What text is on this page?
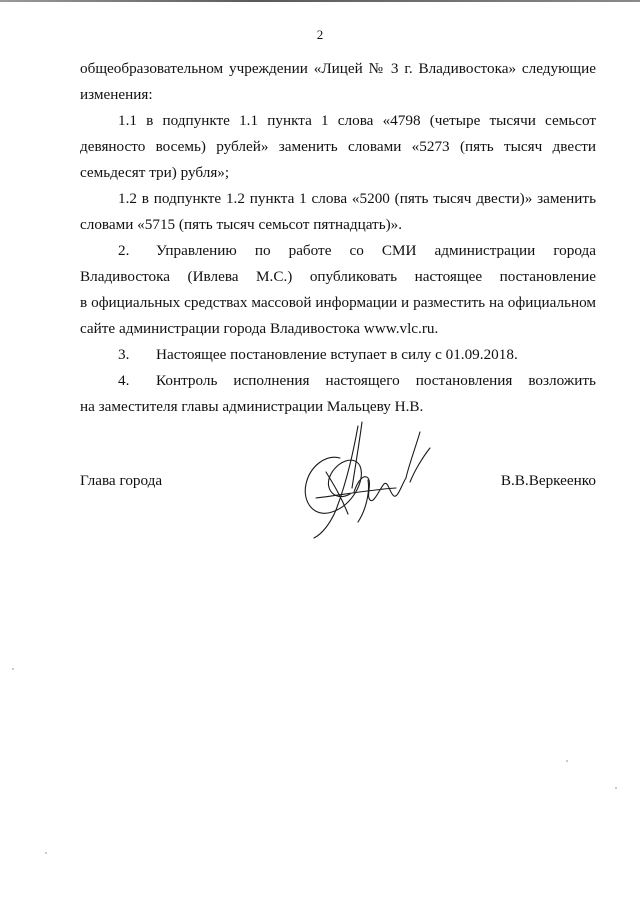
2
общеобразовательном учреждении «Лицей № 3 г. Владивостока» следующие
изменения:
1.1 в подпункте 1.1 пункта 1 слова «4798 (четыре тысячи семьсот
девяносто восемь) рублей» заменить словами «5273 (пять тысяч двести
семьдесят три) рубля»;
1.2 в подпункте 1.2 пункта 1 слова «5200 (пять тысяч двести)» заменить
словами «5715 (пять тысяч семьсот пятнадцать)».
2.	Управлению по работе со СМИ администрации города
Владивостока (Ивлева М.С.) опубликовать настоящее постановление
в официальных средствах массовой информации и разместить на официальном
сайте администрации города Владивостока www.vlc.ru.
3.	Настоящее постановление вступает в силу с 01.09.2018.
4.	Контроль исполнения настоящего постановления возложить
на заместителя главы администрации Мальцеву Н.В.
Глава города	В.В.Веркеенко
